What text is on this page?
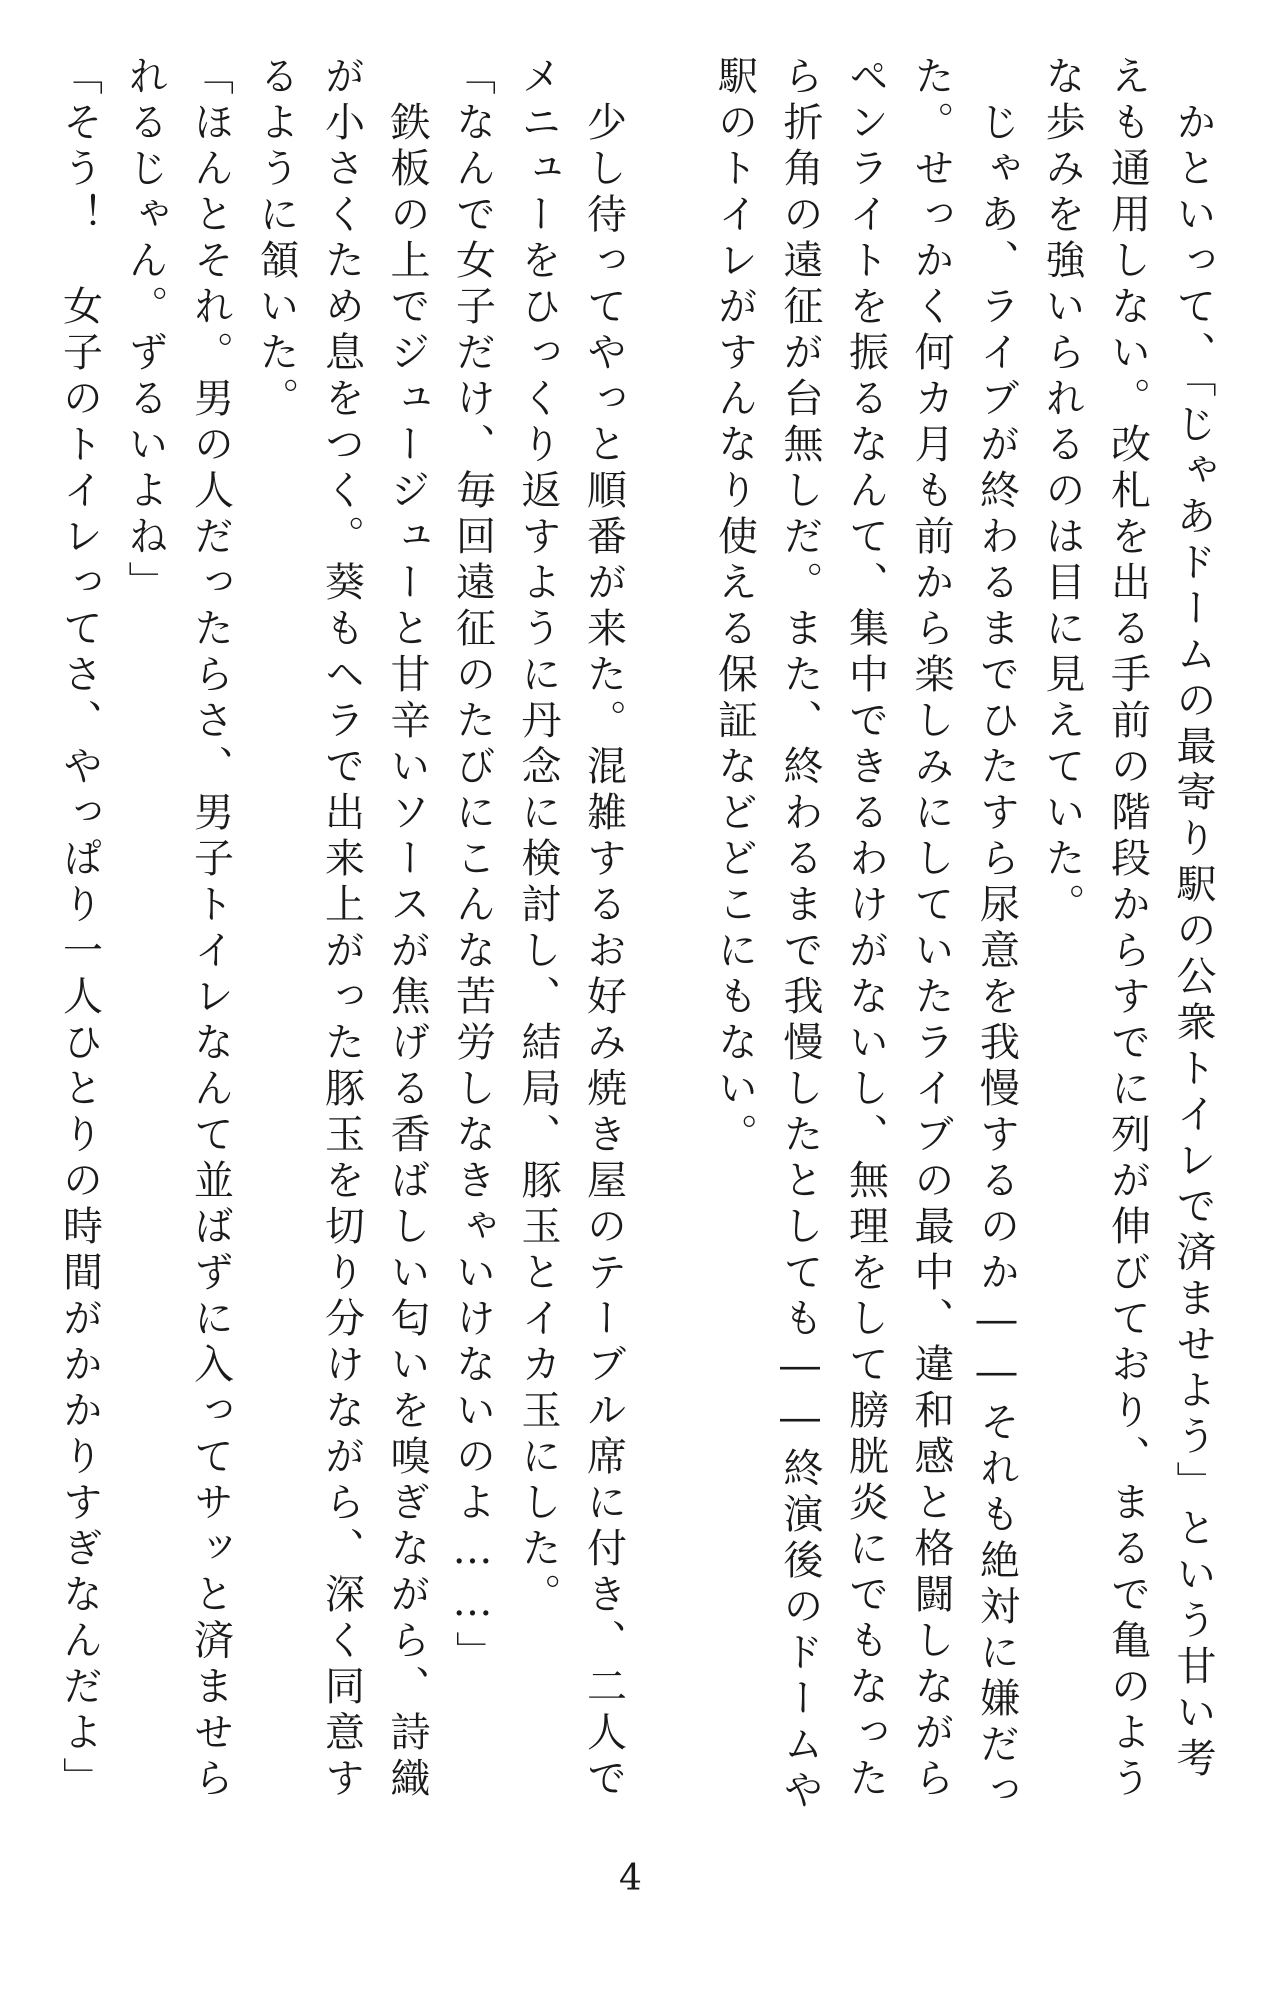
　かといって、「じゃあドームの最寄り駅の公衆トイレで済ませよう」という甘い考

えも通用しない。改札を出る手前の階段からすでに列が伸びており、まるで亀のよう

な歩みを強いられるのは目に見えていた。

　じゃあ、ライブが終わるまでひたすら尿意を我慢するのか――それも絶対に嫌だっ

た。せっかく何カ月も前から楽しみにしていたライブの最中、違和感と格闘しながら

ペンライトを振るなんて、集中できるわけがないし、無理をして膀胱炎にでもなった

ら折角の遠征が台無しだ。また、終わるまで我慢したとしても――終演後のドームや

駅のトイレがすんなり使える保証などどこにもない。

　少し待ってやっと順番が来た。混雑するお好み焼き屋のテーブル席に付き、二人で

メニューをひっくり返すように丹念に検討し、結局、豚玉とイカ玉にした。

「なんで女子だけ、毎回遠征のたびにこんな苦労しなきゃいけないのよ……」

　鉄板の上でジュージューと甘辛いソースが焦げる香ばしい匂いを嗅ぎながら、詩織

が小さくため息をつく。葵もヘラで出来上がった豚玉を切り分けながら、深く同意す

るように頷いた。

「ほんとそれ。男の人だったらさ、男子トイレなんて並ばずに入ってサッと済ませら

れるじゃん。ずるいよね」

「そう！　女子のトイレってさ、やっぱり一人ひとりの時間がかかりすぎなんだよ」

4
